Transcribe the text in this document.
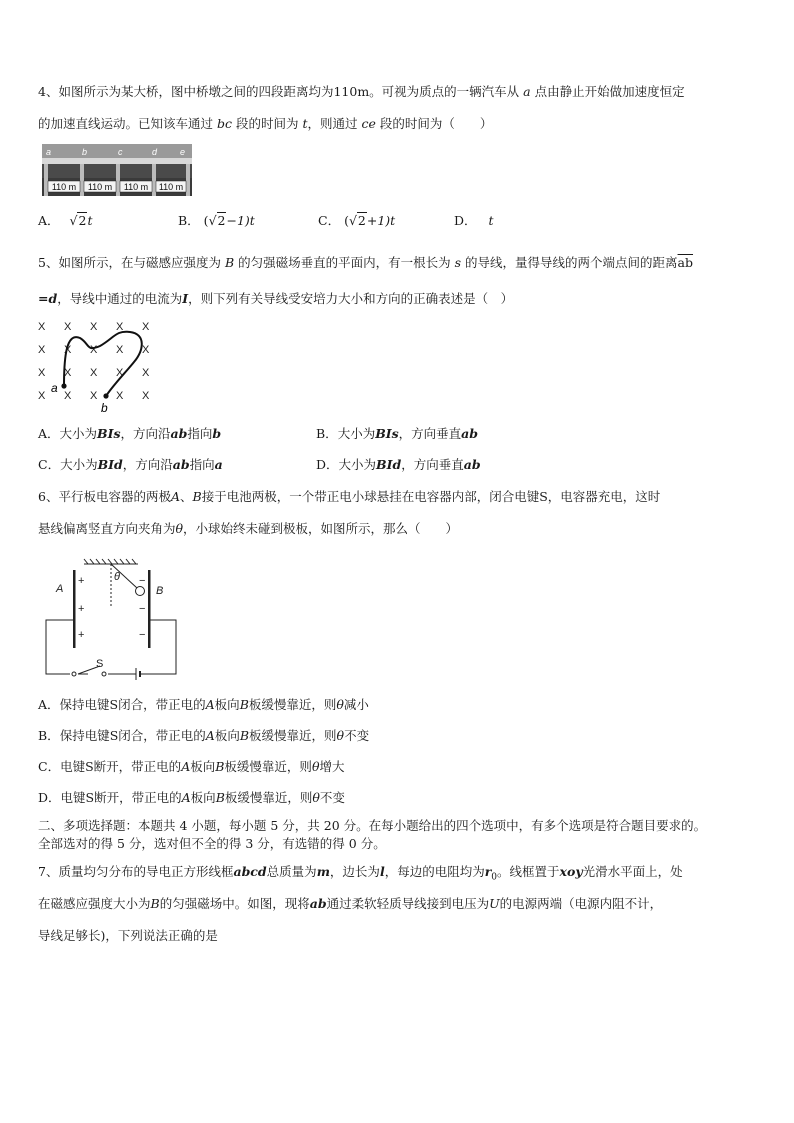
4、如图所示为某大桥，图中桥墩之间的四段距离均为110m。可视为质点的一辆汽车从 a 点由静止开始做加速度恒定
的加速直线运动。已知该车通过 bc 段的时间为 t，则通过 ce 段的时间为（　　）
110 m 110 m 110 m 110 m
a	b	c	d	e
A． √2t	B． (√2−1)t	C． (√2+1)t	D． t
5、如图所示，在与磁感应强度为 B 的匀强磁场垂直的平面内，有一根长为 s 的导线，量得导线的两个端点间的距离$\overline{ab}$
=d，导线中通过的电流为I，则下列有关导线受安培力大小和方向的正确表述是（　）
X X X X X
X X X X X
X X X X X
X X X X X
a
b
A．大小为BIs，方向沿ab指向b	B．大小为BIs，方向垂直ab
C．大小为BId，方向沿ab指向a	D．大小为BId，方向垂直ab
6、平行板电容器的两极A、B接于电池两极，一个带正电小球悬挂在电容器内部，闭合电键S，电容器充电，这时
悬线偏离竖直方向夹角为θ，小球始终未碰到极板，如图所示，那么（　　）
A	B
θ
S
+
+
+
−
−
−
A．保持电键S闭合，带正电的A板向B板缓慢靠近，则θ减小
B．保持电键S闭合，带正电的A板向B板缓慢靠近，则θ不变
C．电键S断开，带正电的A板向B板缓慢靠近，则θ增大
D．电键S断开，带正电的A板向B板缓慢靠近，则θ不变
二、多项选择题：本题共 4 小题，每小题 5 分，共 20 分。在每小题给出的四个选项中，有多个选项是符合题目要求的。
全部选对的得 5 分，选对但不全的得 3 分，有选错的得 0 分。
7、质量均匀分布的导电正方形线框abcd总质量为m，边长为l，每边的电阻均为$r_0$。线框置于xoy光滑水平面上，处
在磁感应强度大小为B的匀强磁场中。如图，现将ab通过柔软轻质导线接到电压为U的电源两端（电源内阻不计，
导线足够长)，下列说法正确的是
